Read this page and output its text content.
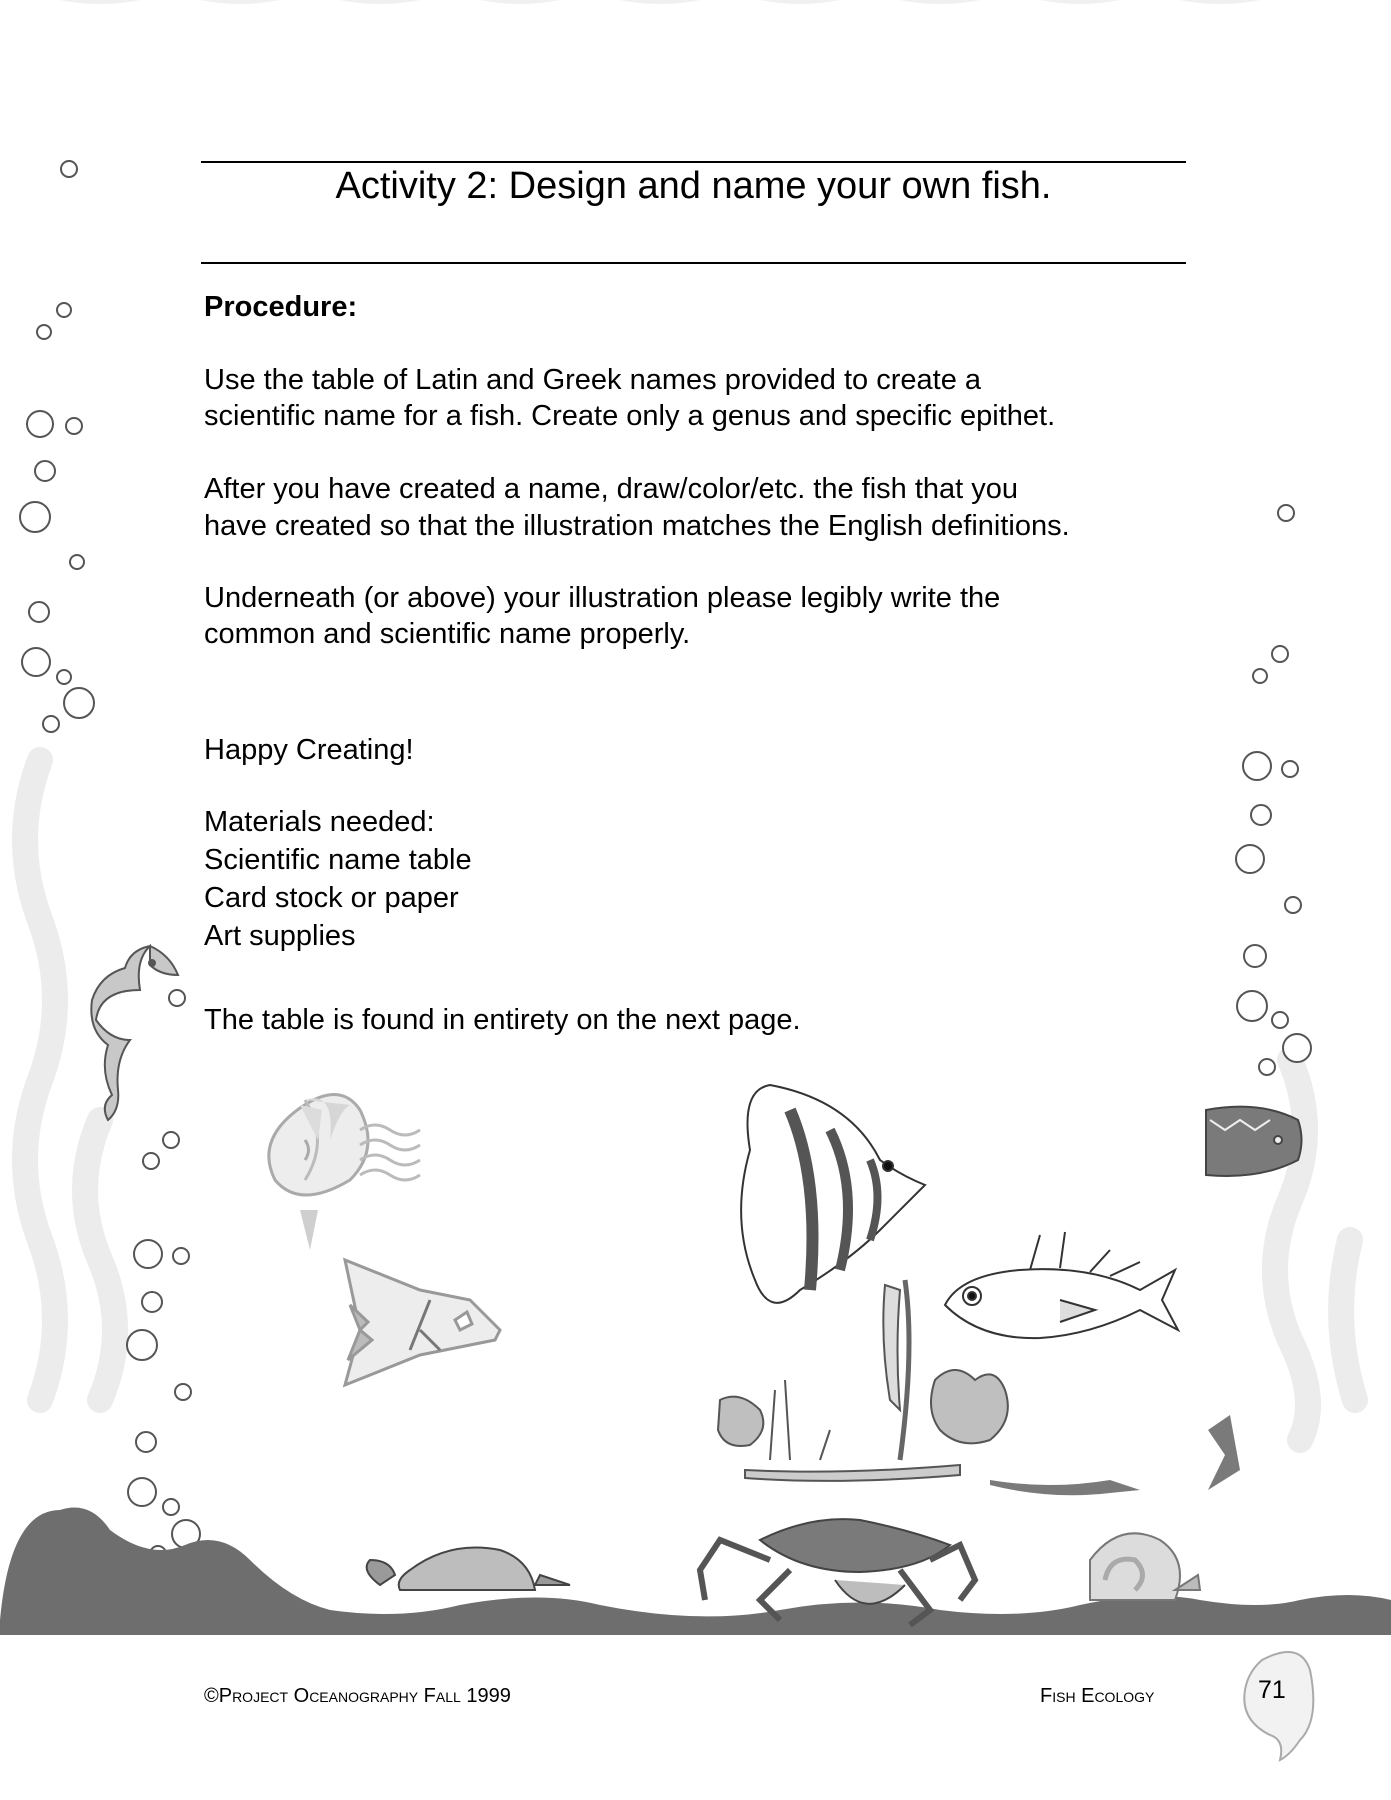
Activity 2: Design and name your own fish.
Procedure:
Use the table of Latin and Greek names provided to create a
scientific name for a fish. Create only a genus and specific epithet.
After you have created a name, draw/color/etc. the fish that you
have created so that the illustration matches the English definitions.
Underneath (or above) your illustration please legibly write the
common and scientific name properly.
Happy Creating!
Materials needed:
Scientific name table
Card stock or paper
Art supplies
The table is found in entirety on the next page.
©Project Oceanography Fall 1999	Fish Ecology	71
